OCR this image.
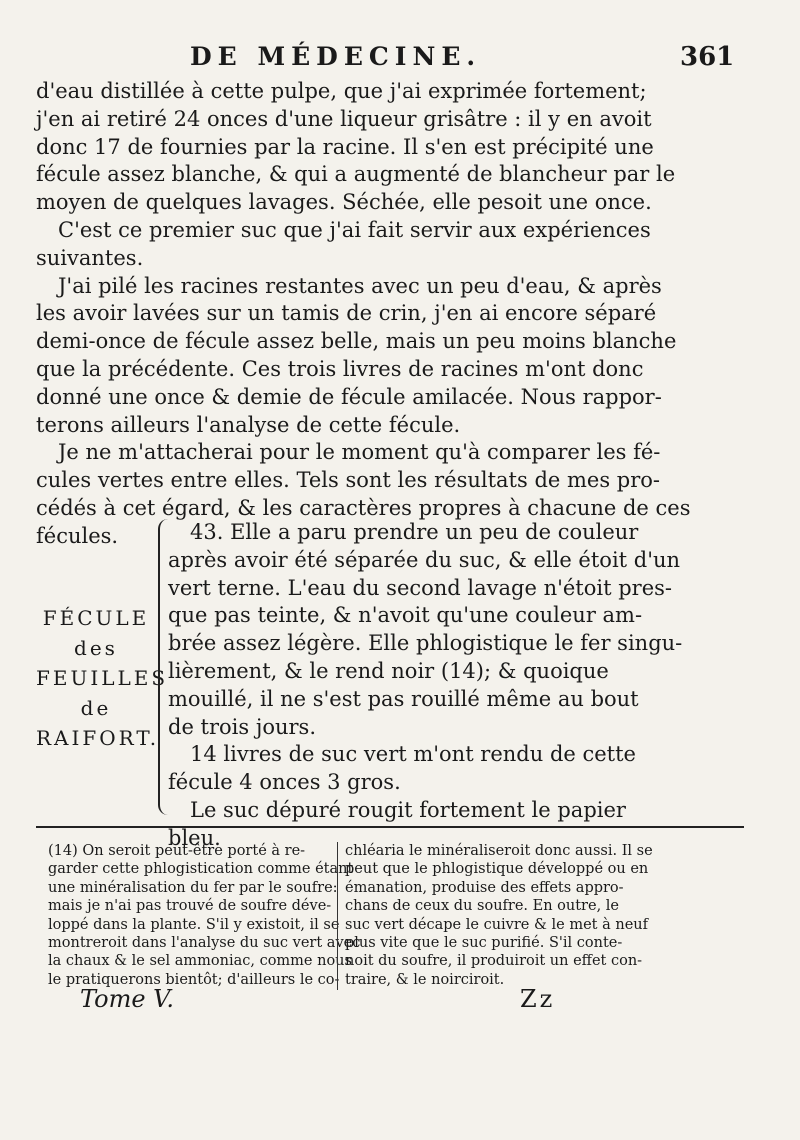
DE MÉDECINE.	361

d'eau distillée à cette pulpe, que j'ai exprimée fortement;
j'en ai retiré 24 onces d'une liqueur grisâtre : il y en avoit
donc 17 de fournies par la racine. Il s'en est précipité une
fécule assez blanche, & qui a augmenté de blancheur par le
moyen de quelques lavages. Séchée, elle pesoit une once.

C'est ce premier suc que j'ai fait servir aux expériences
suivantes.

J'ai pilé les racines restantes avec un peu d'eau, & après
les avoir lavées sur un tamis de crin, j'en ai encore séparé
demi-once de fécule assez belle, mais un peu moins blanche
que la précédente. Ces trois livres de racines m'ont donc
donné une once & demie de fécule amilacée. Nous rappor-
terons ailleurs l'analyse de cette fécule.

Je ne m'attacherai pour le moment qu'à comparer les fé-
cules vertes entre elles. Tels sont les résultats de mes pro-
cédés à cet égard, & les caractères propres à chacune de ces
fécules.

FÉCULE
des
FEUILLES
de
RAIFORT.
43. Elle a paru prendre un peu de couleur
après avoir été séparée du suc, & elle étoit d'un
vert terne. L'eau du second lavage n'étoit pres-
que pas teinte, & n'avoit qu'une couleur am-
brée assez légère. Elle phlogistique le fer singu-
lièrement, & le rend noir (14); & quoique
mouillé, il ne s'est pas rouillé même au bout
de trois jours.
14 livres de suc vert m'ont rendu de cette
fécule 4 onces 3 gros.
Le suc dépuré rougit fortement le papier
bleu.
(14) On seroit peut-être porté à re-
garder cette phlogistication comme étant
une minéralisation du fer par le soufre:
mais je n'ai pas trouvé de soufre déve-
loppé dans la plante. S'il y existoit, il se
montreroit dans l'analyse du suc vert avec
la chaux & le sel ammoniac, comme nous
le pratiquerons bientôt; d'ailleurs le co-
chléaria le minéraliseroit donc aussi. Il se
peut que le phlogistique développé ou en
émanation, produise des effets appro-
chans de ceux du soufre. En outre, le
suc vert décape le cuivre & le met à neuf
plus vite que le suc purifié. S'il conte-
noit du soufre, il produiroit un effet con-
traire, & le noirciroit.
Tome V.	Zz
